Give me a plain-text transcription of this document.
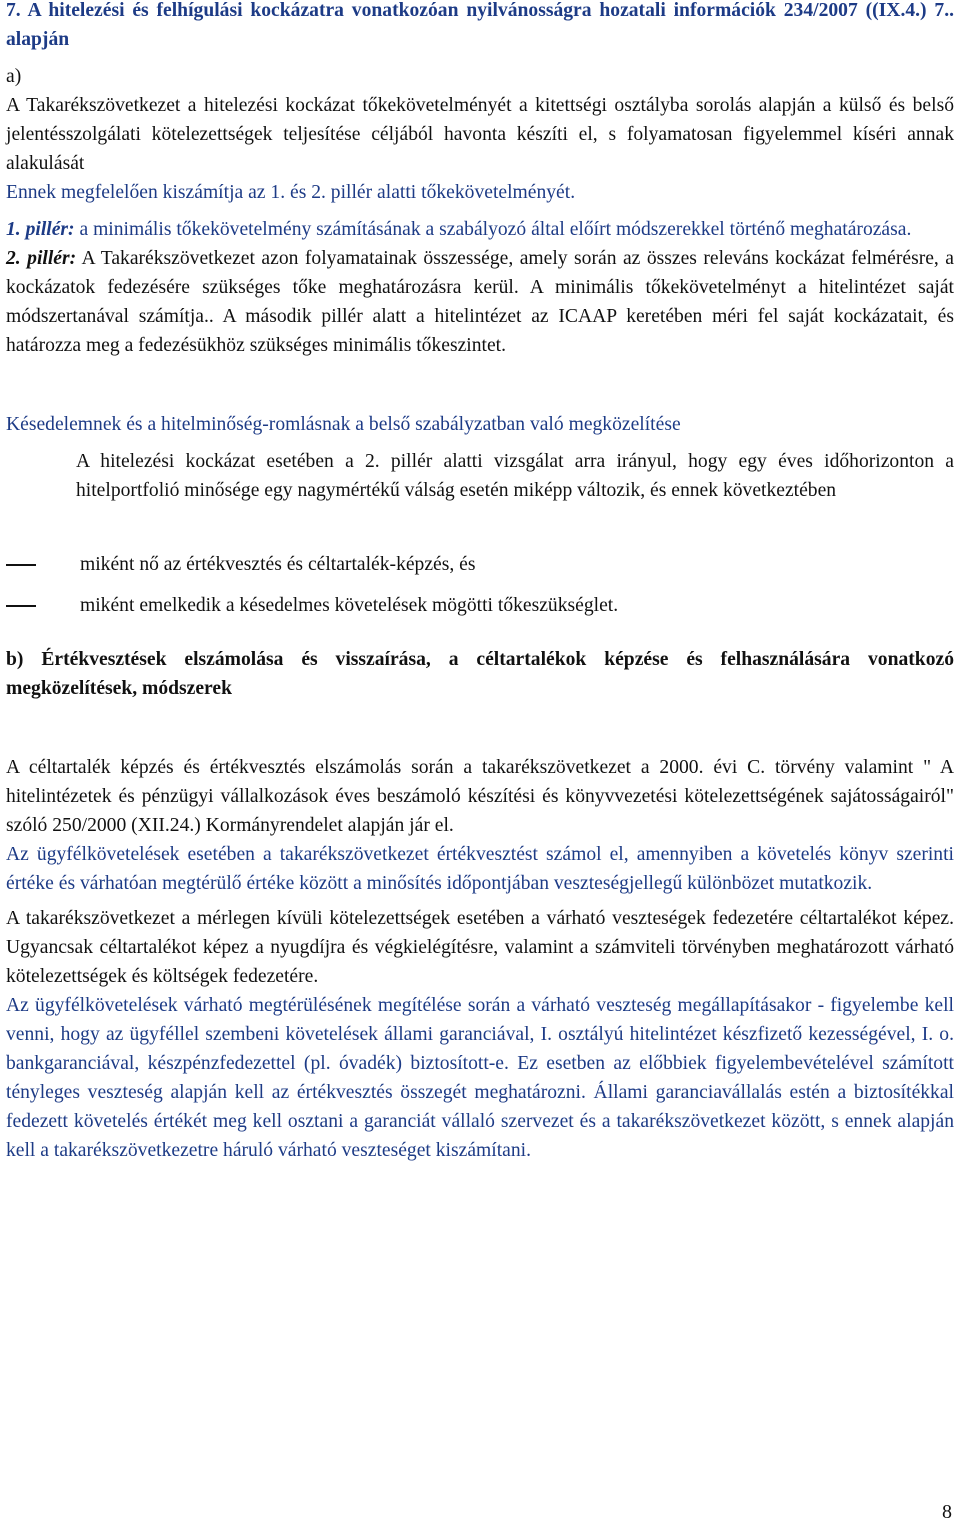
7. A hitelezési és felhígulási kockázatra vonatkozóan nyilvánosságra hozatali információk 234/2007 ((IX.4.) 7.. alapján

a)

A Takarékszövetkezet a hitelezési kockázat tőkekövetelményét a kitettségi osztályba sorolás alapján a külső és belső jelentésszolgálati kötelezettségek teljesítése céljából havonta készíti el, s folyamatosan figyelemmel kíséri annak alakulását

Ennek megfelelően kiszámítja az 1. és 2. pillér alatti tőkekövetelményét.

1. pillér: a minimális tőkekövetelmény számításának a szabályozó által előírt módszerekkel történő meghatározása.

2. pillér: A Takarékszövetkezet azon folyamatainak összessége, amely során az összes releváns kockázat felmérésre, a kockázatok fedezésére szükséges tőke meghatározásra kerül. A minimális tőkekövetelményt a hitelintézet saját módszertanával számítja.. A második pillér alatt a hitelintézet az ICAAP keretében méri fel saját kockázatait, és határozza meg a fedezésükhöz szükséges minimális tőkeszintet.

Késedelemnek és a hitelminőség-romlásnak a belső szabályzatban való megközelítése

A hitelezési kockázat esetében a 2. pillér alatti vizsgálat arra irányul, hogy egy éves időhorizonton a hitelportfolió minősége egy nagymértékű válság esetén miképp változik, és ennek következtében

miként nő az értékvesztés és céltartalék-képzés, és

miként emelkedik a késedelmes követelések mögötti tőkeszükséglet.

b) Értékvesztések elszámolása és visszaírása, a céltartalékok képzése és felhasználására vonatkozó megközelítések, módszerek

A céltartalék képzés és értékvesztés elszámolás során a takarékszövetkezet a 2000. évi C. törvény valamint " A hitelintézetek és pénzügyi vállalkozások éves beszámoló készítési és könyvvezetési kötelezettségének sajátosságairól" szóló 250/2000 (XII.24.) Kormányrendelet alapján jár el.

Az ügyfélkövetelések esetében a takarékszövetkezet értékvesztést számol el, amennyiben a követelés könyv szerinti értéke és várhatóan megtérülő értéke között a minősítés időpontjában veszteségjellegű különbözet mutatkozik.

A takarékszövetkezet a mérlegen kívüli kötelezettségek esetében a várható veszteségek fedezetére céltartalékot képez. Ugyancsak céltartalékot képez a nyugdíjra és végkielégítésre, valamint a számviteli törvényben meghatározott várható kötelezettségek és költségek fedezetére.

Az ügyfélkövetelések várható megtérülésének megítélése során a várható veszteség megállapításakor - figyelembe kell venni, hogy az ügyféllel szembeni követelések állami garanciával, I. osztályú hitelintézet készfizető kezességével, I. o. bankgaranciával, készpénzfedezettel (pl. óvadék) biztosított-e. Ez esetben az előbbiek figyelembevételével számított tényleges veszteség alapján kell az értékvesztés összegét meghatározni. Állami garanciavállalás estén a biztosítékkal fedezett követelés értékét meg kell osztani a garanciát vállaló szervezet és a takarékszövetkezet között, s ennek alapján kell a takarékszövetkezetre háruló várható veszteséget kiszámítani.

8
